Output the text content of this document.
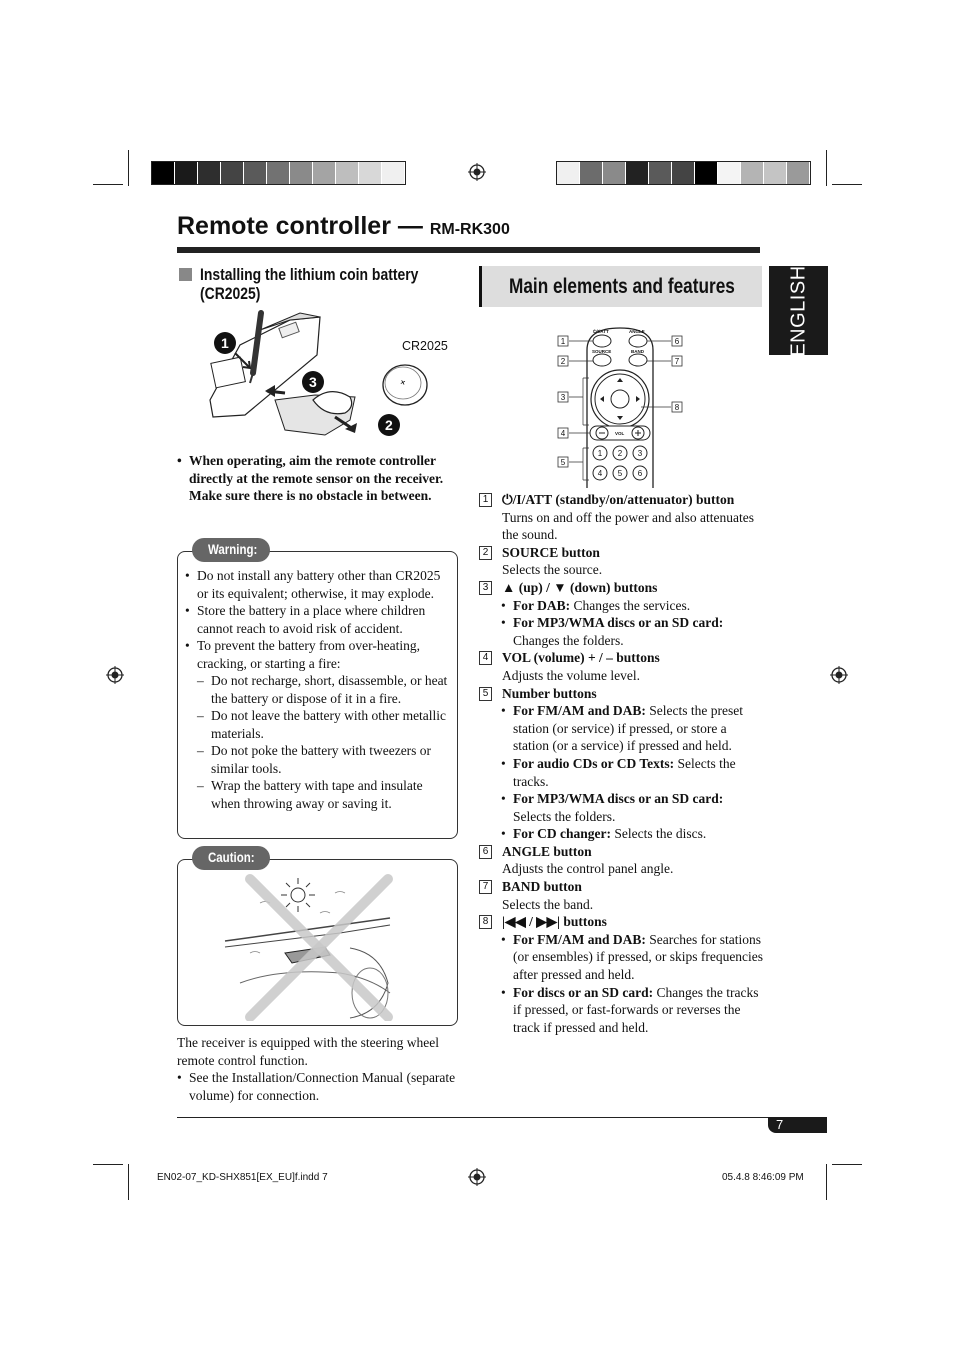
Remote controller — RM-RK300
ENGLISH
Installing the lithium coin battery
(CR2025)
+
1
3
2
CR2025
• When operating, aim the remote controller directly at the remote sensor on the receiver. Make sure there is no obstacle in between.
Warning:
• Do not install any battery other than CR2025 or its equivalent; otherwise, it may explode.
• Store the battery in a place where children cannot reach to avoid risk of accident.
• To prevent the battery from over-heating, cracking, or starting a fire:
– Do not recharge, short, disassemble, or heat the battery or dispose of it in a fire.
– Do not leave the battery with other metallic materials.
– Do not poke the battery with tweezers or similar tools.
– Wrap the battery with tape and insulate when throwing away or saving it.
Caution:
The receiver is equipped with the steering wheel remote control function.
• See the Installation/Connection Manual (separate volume) for connection.
Main elements and features
⏻/I/ATT	ANGLE
SOURCE	BAND
VOL
1 2 3
4 5 6
1
2
3
4
5
6
7
8
1 ⏻/I/ATT (standby/on/attenuator) button
Turns on and off the power and also attenuates the sound.
2 SOURCE button
Selects the source.
3 ▲ (up) / ▼ (down) buttons
• For DAB: Changes the services.
• For MP3/WMA discs or an SD card: Changes the folders.
4 VOL (volume) + / – buttons
Adjusts the volume level.
5 Number buttons
• For FM/AM and DAB: Selects the preset station (or service) if pressed, or store a station (or a service) if pressed and held.
• For audio CDs or CD Texts: Selects the tracks.
• For MP3/WMA discs or an SD card: Selects the folders.
• For CD changer: Selects the discs.
6 ANGLE button
Adjusts the control panel angle.
7 BAND button
Selects the band.
8 |◀◀ / ▶▶| buttons
• For FM/AM and DAB: Searches for stations (or ensembles) if pressed, or skips frequencies after pressed and held.
• For discs or an SD card: Changes the tracks if pressed, or fast-forwards or reverses the track if pressed and held.
7
EN02-07_KD-SHX851[EX_EU]f.indd 7	05.4.8 8:46:09 PM
